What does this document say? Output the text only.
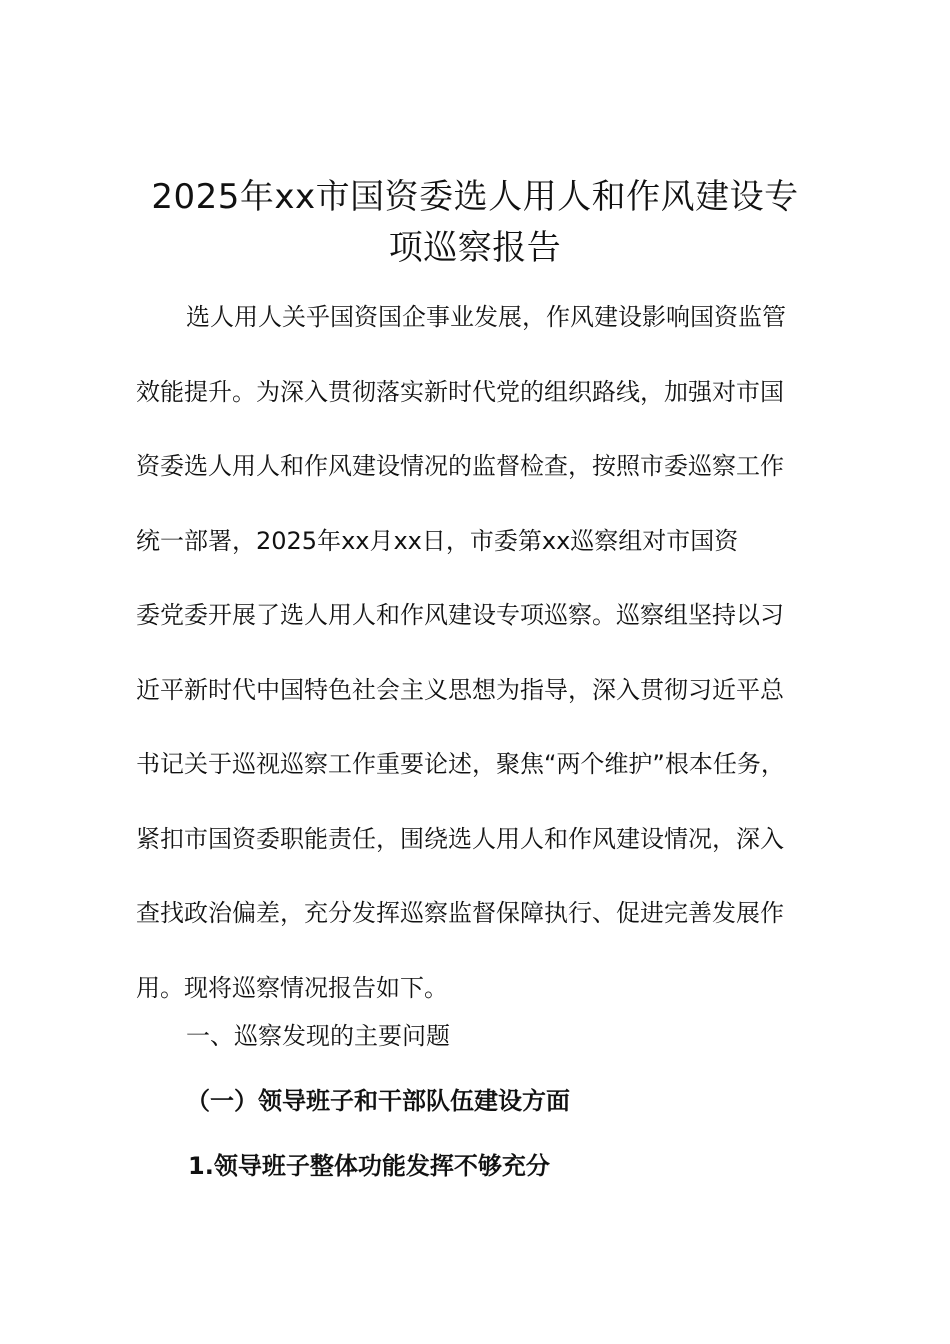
2025年xx市国资委选人用人和作风建设专
项巡察报告
选人用人关乎国资国企事业发展，作风建设影响国资监管
效能提升。为深入贯彻落实新时代党的组织路线，加强对市国
资委选人用人和作风建设情况的监督检查，按照市委巡察工作
统一部署，2025年xx月xx日，市委第xx巡察组对市国资
委党委开展了选人用人和作风建设专项巡察。巡察组坚持以习
近平新时代中国特色社会主义思想为指导，深入贯彻习近平总
书记关于巡视巡察工作重要论述，聚焦“两个维护”根本任务，
紧扣市国资委职能责任，围绕选人用人和作风建设情况，深入
查找政治偏差，充分发挥巡察监督保障执行、促进完善发展作
用。现将巡察情况报告如下。

一、巡察发现的主要问题

（一）领导班子和干部队伍建设方面

1.领导班子整体功能发挥不够充分
